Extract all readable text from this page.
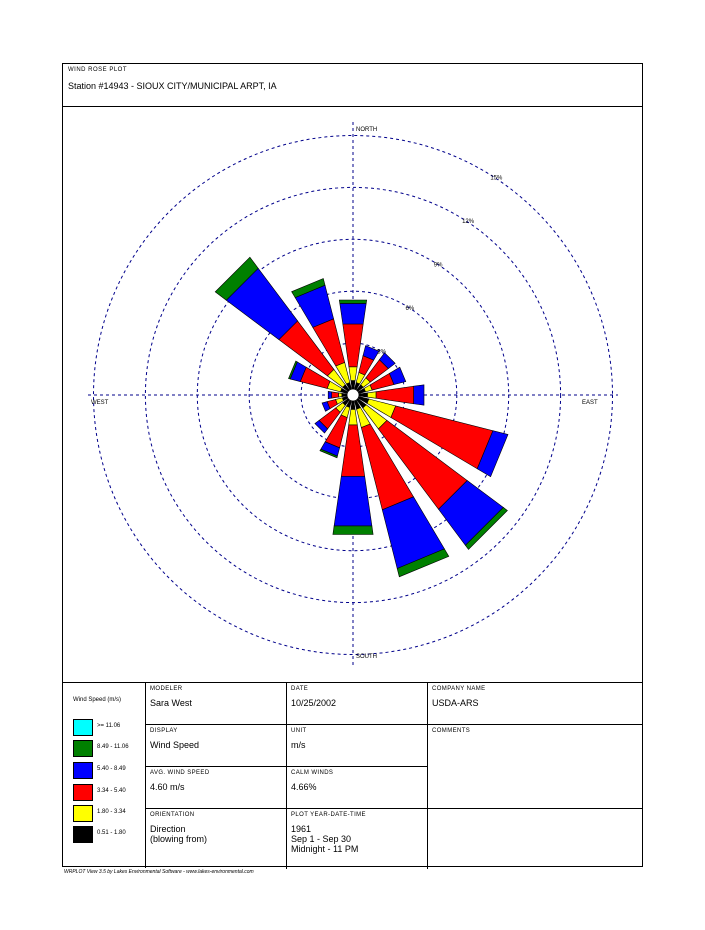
WIND ROSE PLOT
Station #14943 - SIOUX CITY/MUNICIPAL ARPT, IA
3%
6%
9%
12%
15%
NORTH
SOUTH
EAST
WEST
Wind Speed (m/s)
>= 11.06
8.49 - 11.06
5.40 - 8.49
3.34 - 5.40
1.80 - 3.34
0.51 - 1.80
MODELER
Sara West
DATE
10/25/2002
COMPANY NAME
USDA-ARS
DISPLAY
Wind Speed
UNIT
m/s
COMMENTS
AVG. WIND SPEED
4.60 m/s
CALM WINDS
4.66%
ORIENTATION
Direction
(blowing from)
PLOT YEAR-DATE-TIME
1961
Sep 1 - Sep 30
Midnight - 11 PM
WRPLOT View 3.5 by Lakes Environmental Software - www.lakes-environmental.com
